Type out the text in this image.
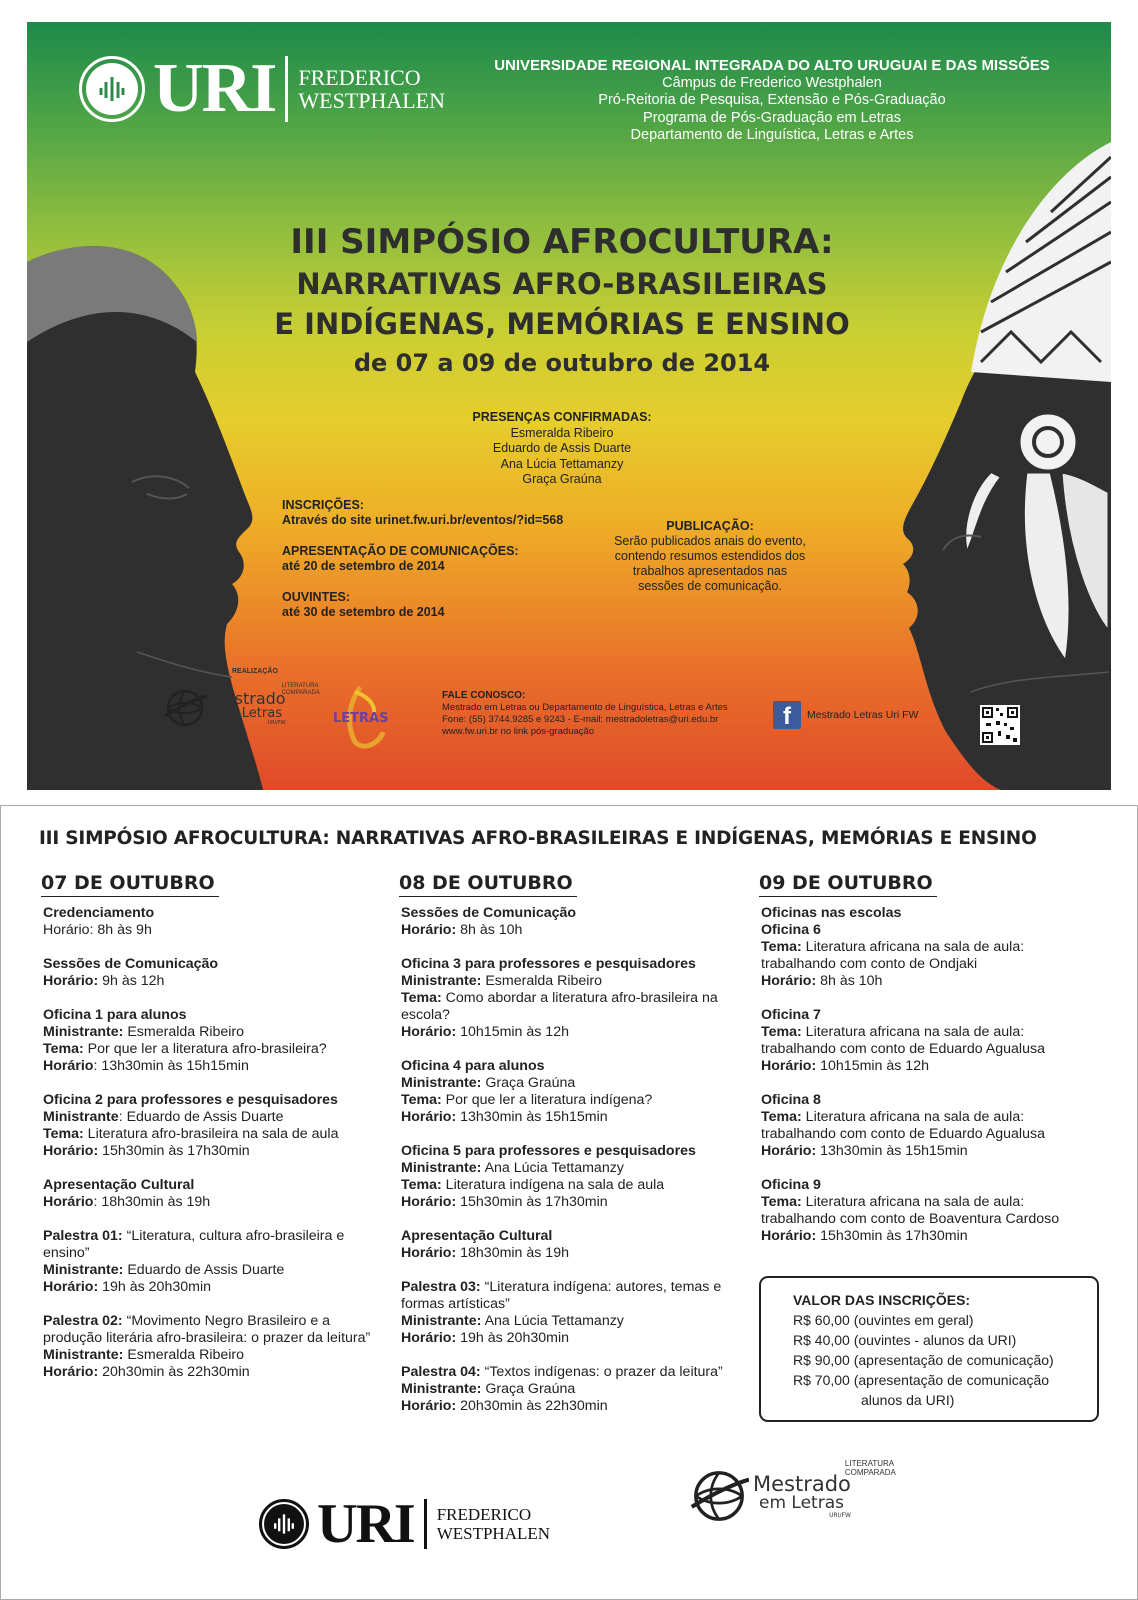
URI FREDERICO
WESTPHALEN
UNIVERSIDADE REGIONAL INTEGRADA DO ALTO URUGUAI E DAS MISSÕES
Câmpus de Frederico Westphalen
Pró-Reitoria de Pesquisa, Extensão e Pós-Graduação
Programa de Pós-Graduação em Letras
Departamento de Linguística, Letras e Artes
III SIMPÓSIO AFROCULTURA:
NARRATIVAS AFRO-BRASILEIRAS
E INDÍGENAS, MEMÓRIAS E ENSINO
de 07 a 09 de outubro de 2014
PRESENÇAS CONFIRMADAS:
Esmeralda Ribeiro
Eduardo de Assis Duarte
Ana Lúcia Tettamanzy
Graça Graúna
INSCRIÇÕES:
Através do site urinet.fw.uri.br/eventos/?id=568
APRESENTAÇÃO DE COMUNICAÇÕES:
até 20 de setembro de 2014
OUVINTES:
até 30 de setembro de 2014
PUBLICAÇÃO:
Serão publicados anais do evento,
contendo resumos estendidos dos
trabalhos apresentados nas
sessões de comunicação.
REALIZAÇÃO
Mestrado
em Letras
URI/FW
LITERATURA COMPARADA
LETRAS
FALE CONOSCO:
Mestrado em Letras ou Departamento de Linguística, Letras e Artes
Fone: (55) 3744.9285 e 9243 - E-mail: mestradoletras@uri.edu.br
www.fw.uri.br no link pós-graduação
f	Mestrado Letras Uri FW
III SIMPÓSIO AFROCULTURA: NARRATIVAS AFRO-BRASILEIRAS E INDÍGENAS, MEMÓRIAS E ENSINO
07 DE OUTUBRO
Credenciamento
Horário: 8h às 9h
Sessões de Comunicação
Horário: 9h às 12h
Oficina 1 para alunos
Ministrante: Esmeralda Ribeiro
Tema: Por que ler a literatura afro-brasileira?
Horário: 13h30min às 15h15min
Oficina 2 para professores e pesquisadores
Ministrante: Eduardo de Assis Duarte
Tema: Literatura afro-brasileira na sala de aula
Horário: 15h30min às 17h30min
Apresentação Cultural
Horário: 18h30min às 19h
Palestra 01: “Literatura, cultura afro-brasileira e ensino”
Ministrante: Eduardo de Assis Duarte
Horário: 19h às 20h30min
Palestra 02: “Movimento Negro Brasileiro e a produção literária afro-brasileira: o prazer da leitura”
Ministrante: Esmeralda Ribeiro
Horário: 20h30min às 22h30min
08 DE OUTUBRO
Sessões de Comunicação
Horário: 8h às 10h
Oficina 3 para professores e pesquisadores
Ministrante: Esmeralda Ribeiro
Tema: Como abordar a literatura afro-brasileira na escola?
Horário: 10h15min às 12h
Oficina 4 para alunos
Ministrante: Graça Graúna
Tema: Por que ler a literatura indígena?
Horário: 13h30min às 15h15min
Oficina 5 para professores e pesquisadores
Ministrante: Ana Lúcia Tettamanzy
Tema: Literatura indígena na sala de aula
Horário: 15h30min às 17h30min
Apresentação Cultural
Horário: 18h30min às 19h
Palestra 03: “Literatura indígena: autores, temas e formas artísticas”
Ministrante: Ana Lúcia Tettamanzy
Horário: 19h às 20h30min
Palestra 04: “Textos indígenas: o prazer da leitura”
Ministrante: Graça Graúna
Horário: 20h30min às 22h30min
09 DE OUTUBRO
Oficinas nas escolas
Oficina 6
Tema: Literatura africana na sala de aula: trabalhando com conto de Ondjaki
Horário: 8h às 10h
Oficina 7
Tema: Literatura africana na sala de aula: trabalhando com conto de Eduardo Agualusa
Horário: 10h15min às 12h
Oficina 8
Tema: Literatura africana na sala de aula: trabalhando com conto de Eduardo Agualusa
Horário: 13h30min às 15h15min
Oficina 9
Tema: Literatura africana na sala de aula: trabalhando com conto de Boaventura Cardoso
Horário: 15h30min às 17h30min
VALOR DAS INSCRIÇÕES:
R$ 60,00 (ouvintes em geral)
R$ 40,00 (ouvintes - alunos da URI)
R$ 90,00 (apresentação de comunicação)
R$ 70,00 (apresentação de comunicação
alunos da URI)
URI FREDERICO
WESTPHALEN
Mestrado
em Letras
URI/FW
LITERATURA COMPARADA
